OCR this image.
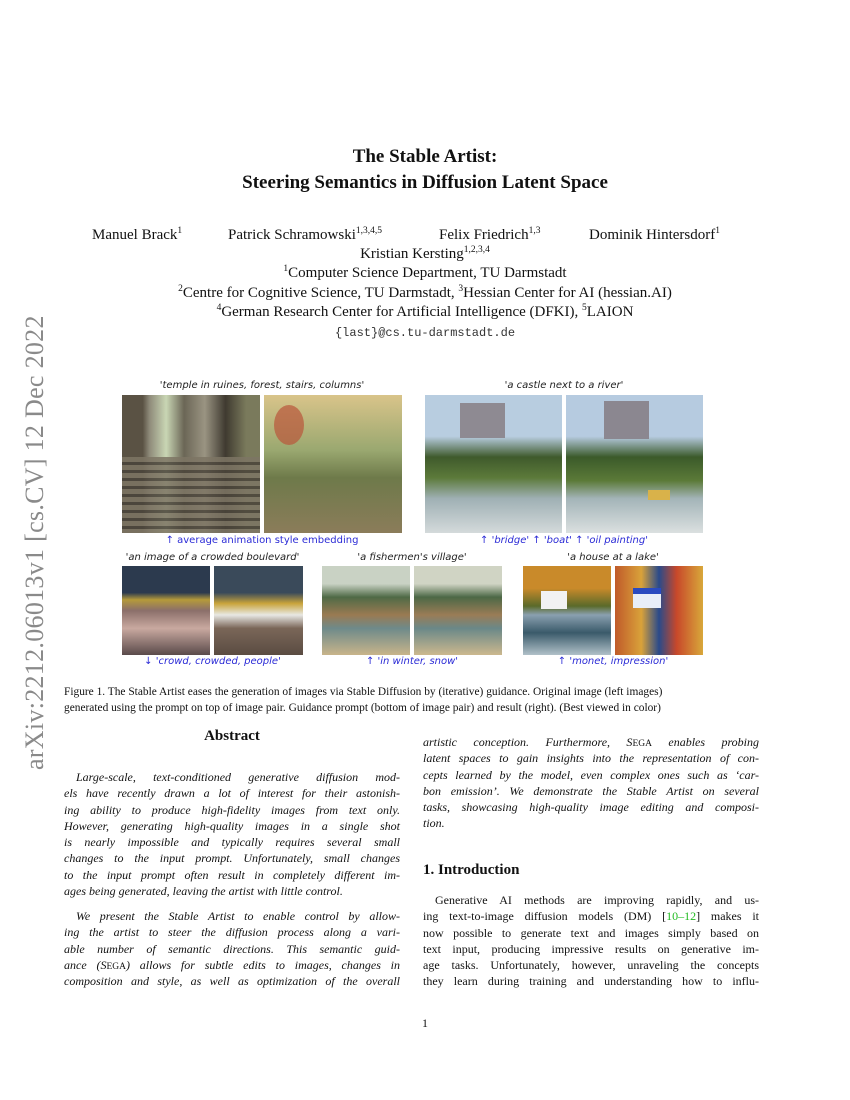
arXiv:2212.06013v1 [cs.CV] 12 Dec 2022
The Stable Artist:
Steering Semantics in Diffusion Latent Space
Manuel Brack$^1$	Patrick Schramowski$^{1,3,4,5}$	Felix Friedrich$^{1,3}$	Dominik Hintersdorf$^1$
Kristian Kersting$^{1,2,3,4}$
$^1$Computer Science Department, TU Darmstadt
$^2$Centre for Cognitive Science, TU Darmstadt, $^3$Hessian Center for AI (hessian.AI)
$^4$German Research Center for Artificial Intelligence (DFKI), $^5$LAION
{last}@cs.tu-darmstadt.de
'temple in ruines, forest, stairs, columns'
↑ average animation style embedding
'a castle next to a river'
↑ 'bridge' ↑ 'boat' ↑ 'oil painting'
'an image of a crowded boulevard'
↓ 'crowd, crowded, people'
'a fishermen's village'
↑ 'in winter, snow'
'a house at a lake'
↑ 'monet, impression'
Figure 1. The Stable Artist eases the generation of images via Stable Diffusion by (iterative) guidance. Original image (left images)
generated using the prompt on top of image pair. Guidance prompt (bottom of image pair) and result (right). (Best viewed in color)
Abstract
Large-scale, text-conditioned generative diffusion mod-
els have recently drawn a lot of interest for their astonish-
ing ability to produce high-fidelity images from text only.
However, generating high-quality images in a single shot
is nearly impossible and typically requires several small
changes to the input prompt. Unfortunately, small changes
to the input prompt often result in completely different im-
ages being generated, leaving the artist with little control.
We present the Stable Artist to enable control by allow-
ing the artist to steer the diffusion process along a vari-
able number of semantic directions. This semantic guid-
ance (SEGA) allows for subtle edits to images, changes in
composition and style, as well as optimization of the overall
artistic conception. Furthermore, SEGA enables probing
latent spaces to gain insights into the representation of con-
cepts learned by the model, even complex ones such as ‘car-
bon emission’. We demonstrate the Stable Artist on several
tasks, showcasing high-quality image editing and composi-
tion.
1. Introduction
Generative AI methods are improving rapidly, and us-
ing text-to-image diffusion models (DM) [10–12] makes it
now possible to generate text and images simply based on
text input, producing impressive results on generative im-
age tasks. Unfortunately, however, unraveling the concepts
they learn during training and understanding how to influ-
1
